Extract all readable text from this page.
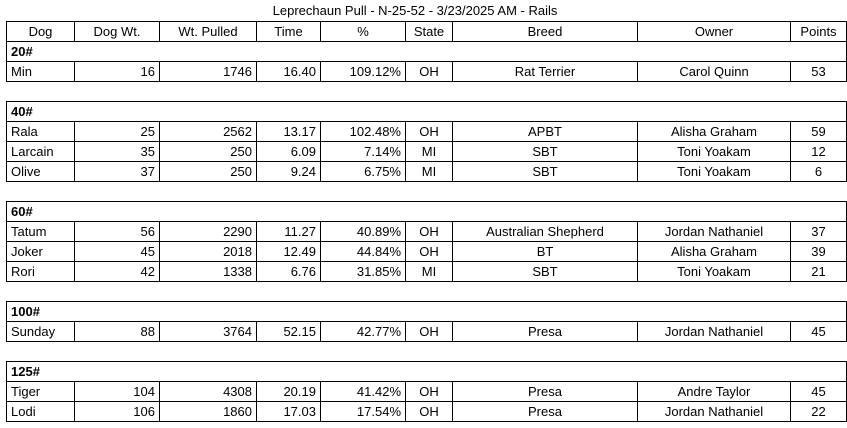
Leprechaun Pull - N-25-52 - 3/23/2025 AM - Rails
Dog	Dog Wt.	Wt. Pulled	Time	%	State	Breed	Owner	Points
20#								
Min	16	1746	16.40	109.12%	OH	Rat Terrier	Carol Quinn	53

40#								
Rala	25	2562	13.17	102.48%	OH	APBT	Alisha Graham	59
Larcain	35	250	6.09	7.14%	MI	SBT	Toni Yoakam	12
Olive	37	250	9.24	6.75%	MI	SBT	Toni Yoakam	6

60#								
Tatum	56	2290	11.27	40.89%	OH	Australian Shepherd	Jordan Nathaniel	37
Joker	45	2018	12.49	44.84%	OH	BT	Alisha Graham	39
Rori	42	1338	6.76	31.85%	MI	SBT	Toni Yoakam	21

100#								
Sunday	88	3764	52.15	42.77%	OH	Presa	Jordan Nathaniel	45

125#								
Tiger	104	4308	20.19	41.42%	OH	Presa	Andre Taylor	45
Lodi	106	1860	17.03	17.54%	OH	Presa	Jordan Nathaniel	22
